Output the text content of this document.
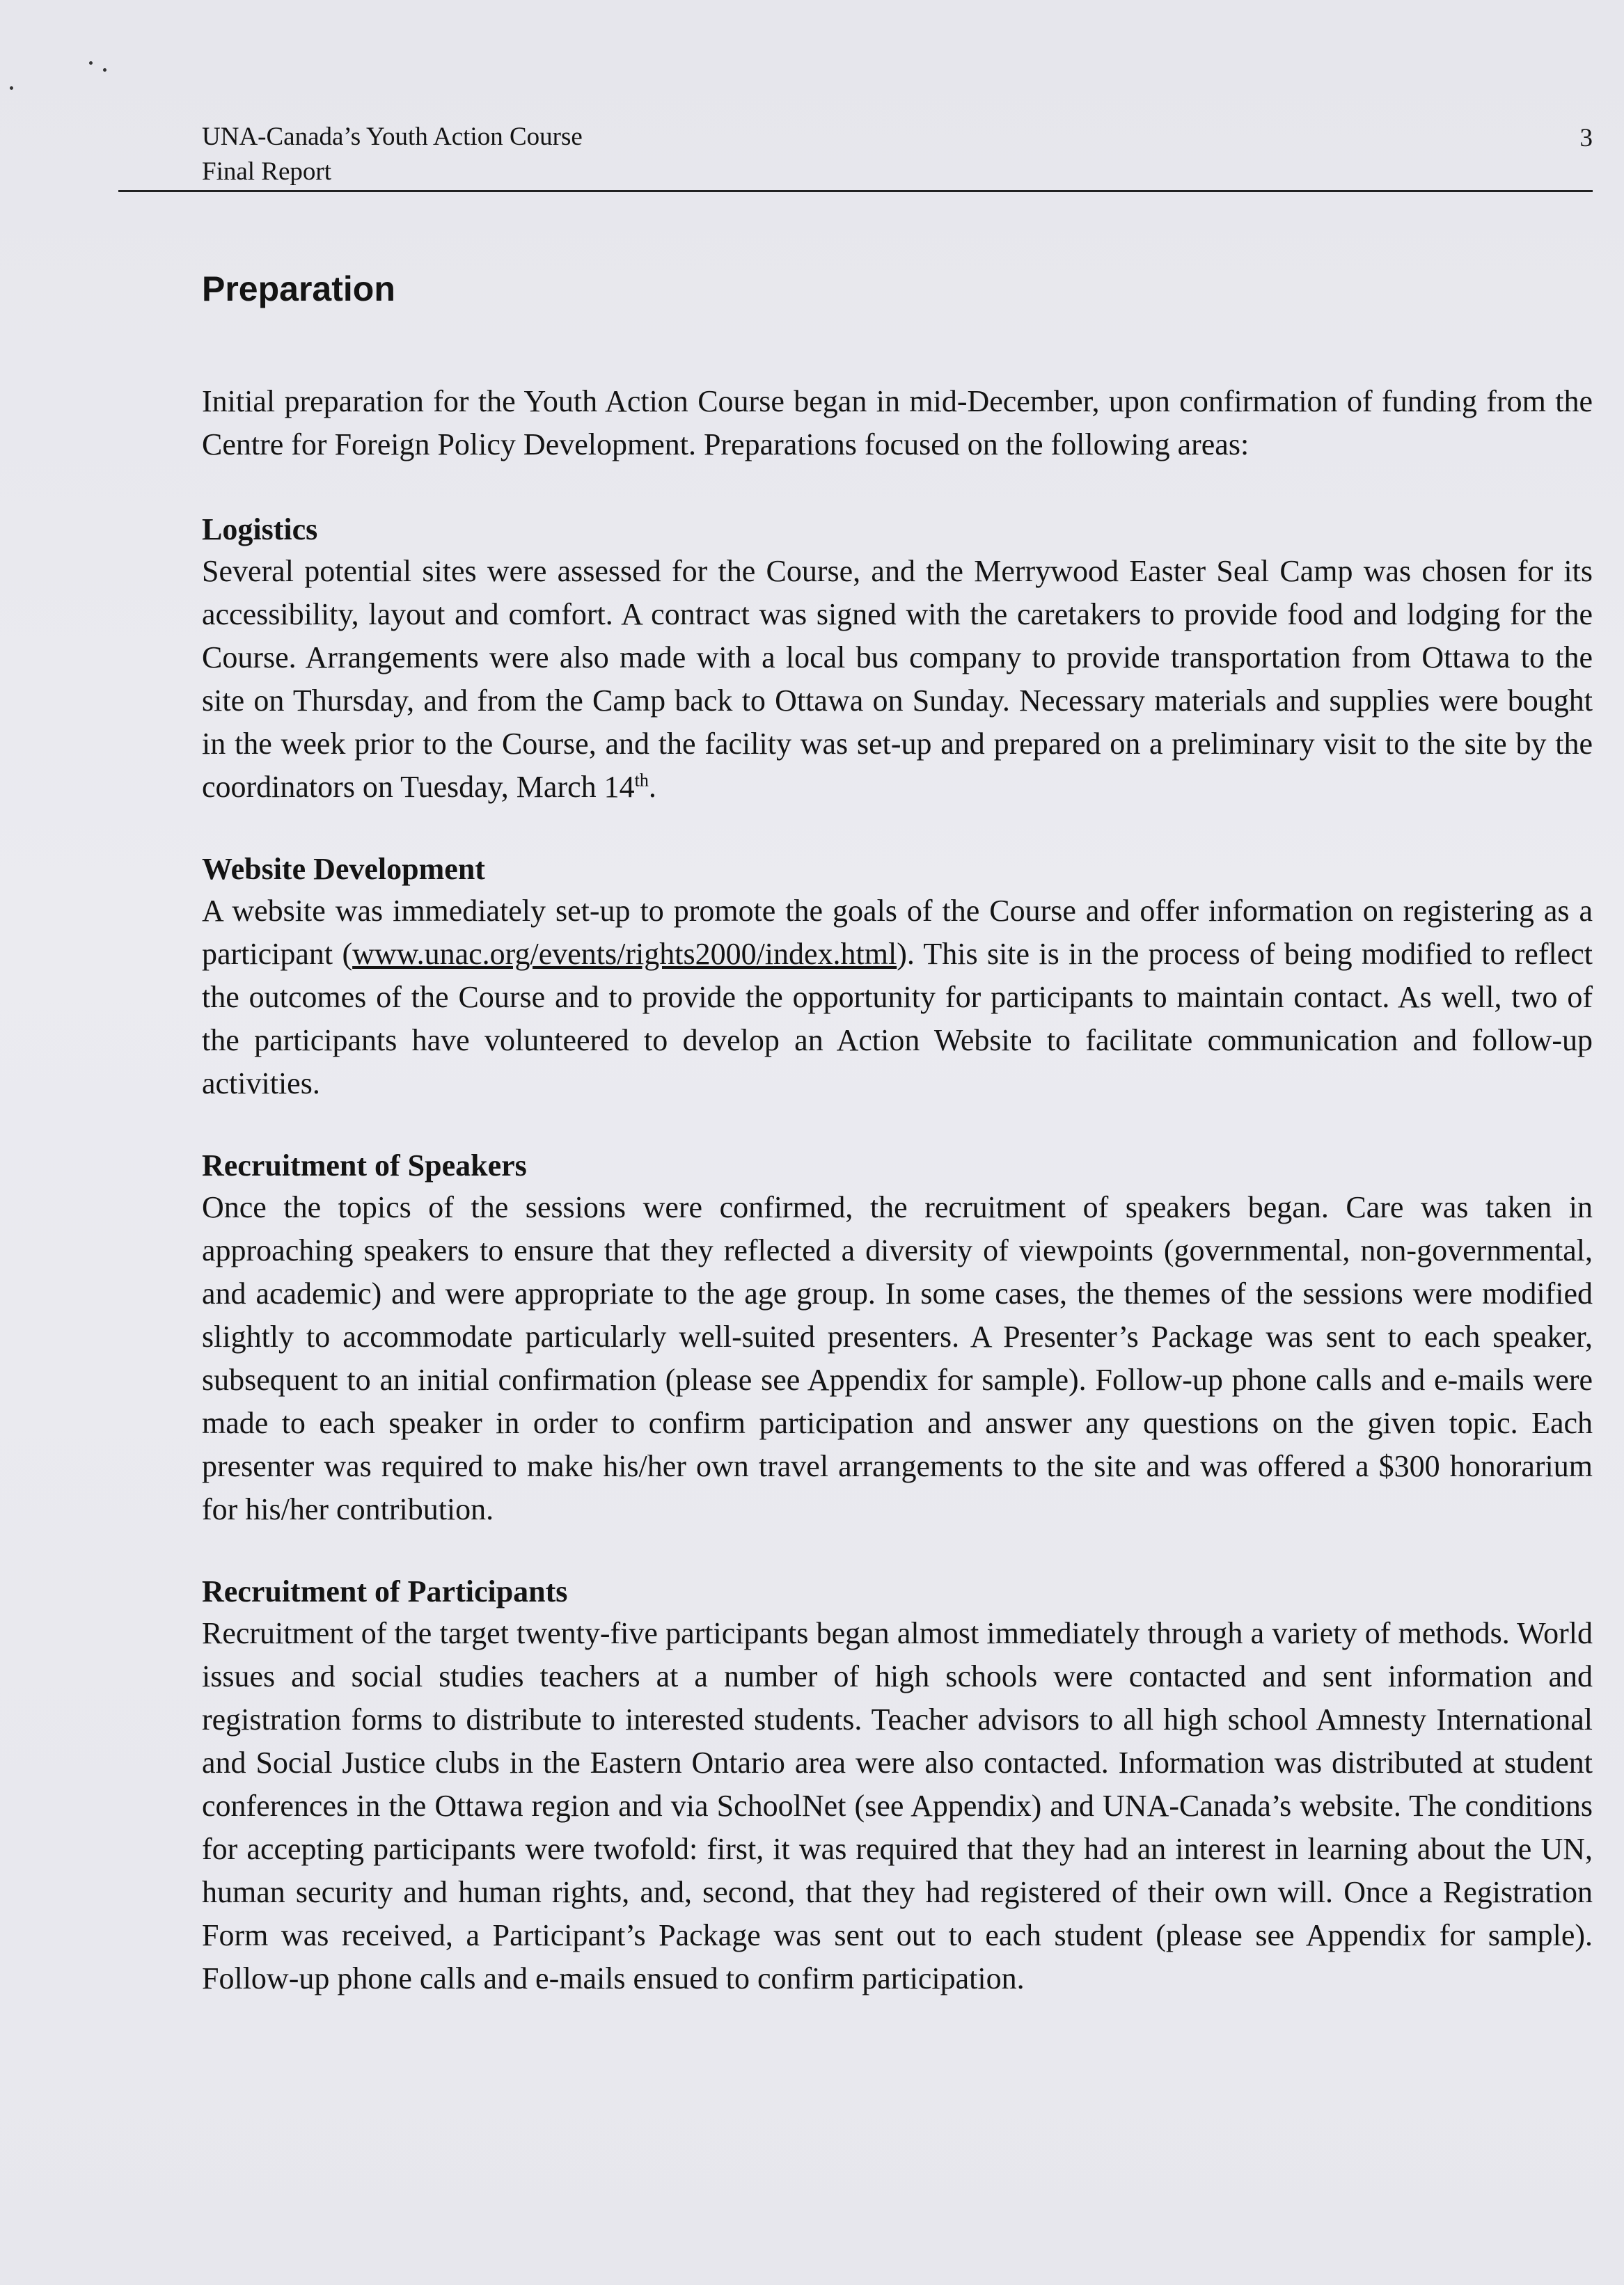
UNA-Canada’s Youth Action Course
Final Report
3
Preparation

Initial preparation for the Youth Action Course began in mid-December, upon confirmation of funding from the Centre for Foreign Policy Development. Preparations focused on the following areas:

Logistics

Several potential sites were assessed for the Course, and the Merrywood Easter Seal Camp was chosen for its accessibility, layout and comfort. A contract was signed with the caretakers to provide food and lodging for the Course. Arrangements were also made with a local bus company to provide transportation from Ottawa to the site on Thursday, and from the Camp back to Ottawa on Sunday. Necessary materials and supplies were bought in the week prior to the Course, and the facility was set-up and prepared on a preliminary visit to the site by the coordinators on Tuesday, March 14th.

Website Development

A website was immediately set-up to promote the goals of the Course and offer information on registering as a participant (www.unac.org/events/rights2000/index.html). This site is in the process of being modified to reflect the outcomes of the Course and to provide the opportunity for participants to maintain contact. As well, two of the participants have volunteered to develop an Action Website to facilitate communication and follow-up activities.

Recruitment of Speakers

Once the topics of the sessions were confirmed, the recruitment of speakers began. Care was taken in approaching speakers to ensure that they reflected a diversity of viewpoints (governmental, non-governmental, and academic) and were appropriate to the age group. In some cases, the themes of the sessions were modified slightly to accommodate particularly well-suited presenters. A Presenter’s Package was sent to each speaker, subsequent to an initial confirmation (please see Appendix for sample). Follow-up phone calls and e-mails were made to each speaker in order to confirm participation and answer any questions on the given topic. Each presenter was required to make his/her own travel arrangements to the site and was offered a $300 honorarium for his/her contribution.

Recruitment of Participants

Recruitment of the target twenty-five participants began almost immediately through a variety of methods. World issues and social studies teachers at a number of high schools were contacted and sent information and registration forms to distribute to interested students. Teacher advisors to all high school Amnesty International and Social Justice clubs in the Eastern Ontario area were also contacted. Information was distributed at student conferences in the Ottawa region and via SchoolNet (see Appendix) and UNA-Canada’s website. The conditions for accepting participants were twofold: first, it was required that they had an interest in learning about the UN, human security and human rights, and, second, that they had registered of their own will. Once a Registration Form was received, a Participant’s Package was sent out to each student (please see Appendix for sample). Follow-up phone calls and e-mails ensued to confirm participation.
